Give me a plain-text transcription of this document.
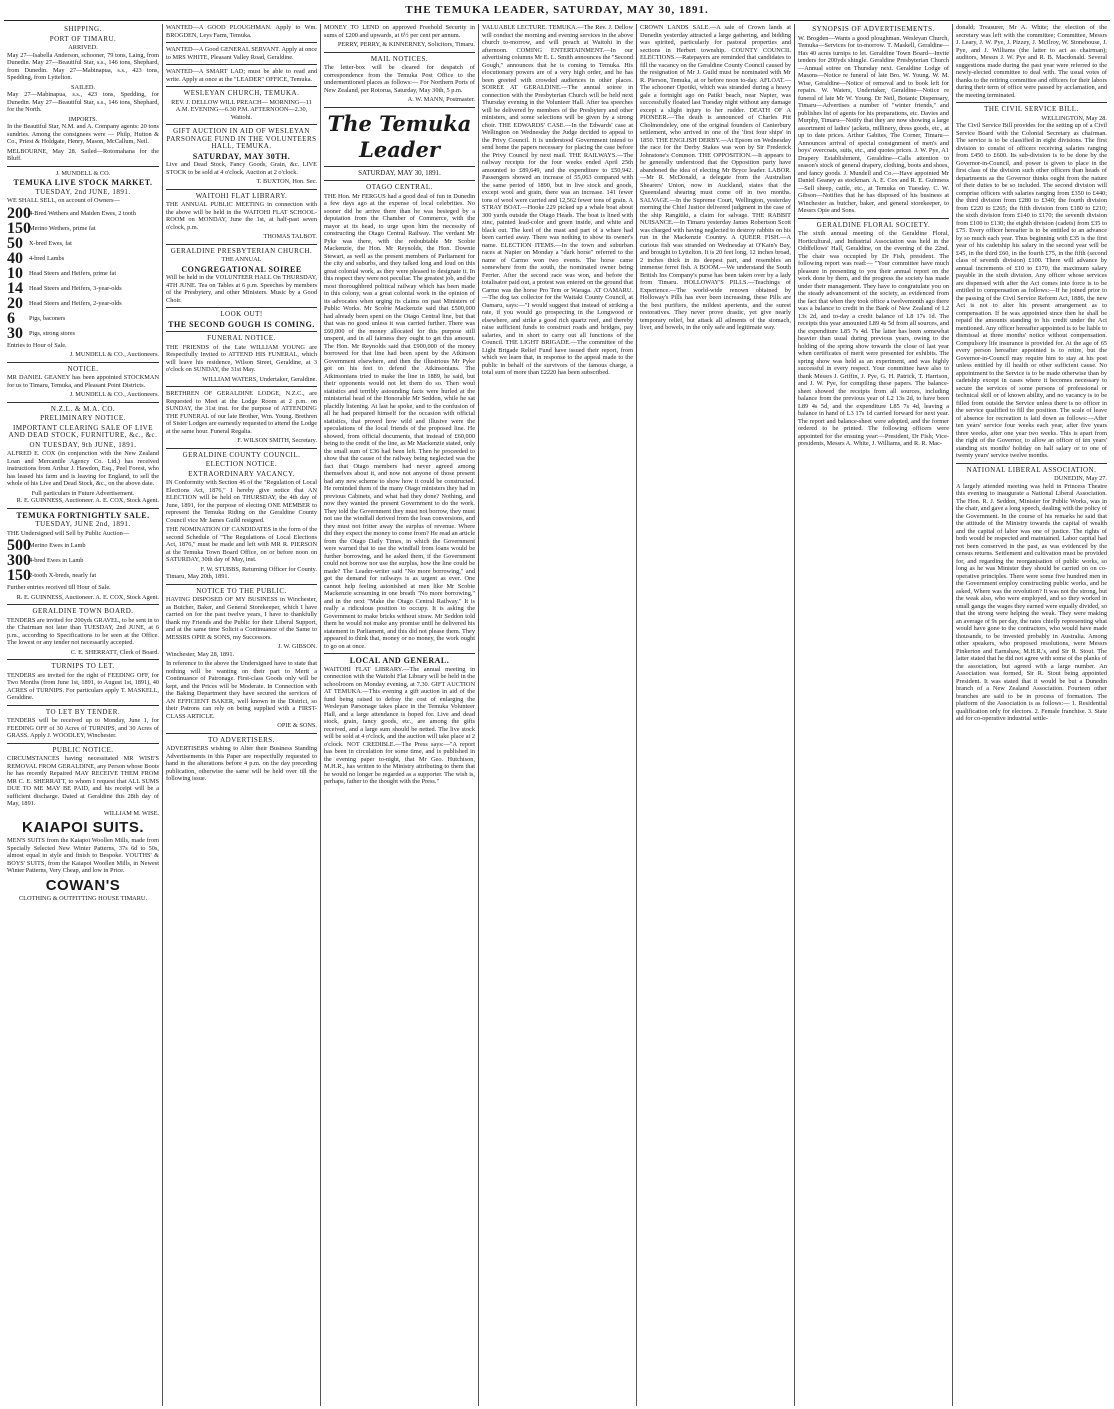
THE TEMUKA LEADER, SATURDAY, MAY 30, 1891.
SHIPPING.
PORT OF TIMARU.
ARRIVED.
May 27—Isabella Anderson, schooner, 79 tons, Laing, from Dunedin. May 27—Beautiful Star, s.s., 146 tons, Shephard, from Dunedin. May 27—Mabinapua, s.s., 423 tons, Spedding, from Lyttelton.
SAILED.
May 27—Mabinapua, s.s., 423 tons, Spedding, for Dunedin. May 27—Beautiful Star, s.s., 146 tons, Shephard, for the North.
IMPORTS.
In the Beautiful Star, N.M. and A. Company agents: 20 tons sundries. Among the consignees were — Philp, Hutton & Co., Priest & Holdgate, Henry, Mason, McCallum, Neil.
MELBOURNE, May 28. Sailed—Rotomahana for the Bluff.
J. MUNDELL & CO.
TEMUKA LIVE STOCK MARKET.
TUESDAY, 2nd JUNE, 1891.
WE SHALL SELL, on account of Owners—
200
4-Bred Wethers and Maiden Ewes, 2 tooth
150
Merino Wethers, prime fat
50 X-bred Ewes, fat
40 4-bred Lambs
10 Head Steers and Heifers, prime fat
14 Head Steers and Heifers, 3-year-olds
20 Head Steers and Heifers, 2-year-olds
6	Pigs, baconers
30 Pigs, strong stores
Entries to Hour of Sale.
J. MUNDELL & CO., Auctioneers.
NOTICE.
MR DANIEL GEANEY has been appointed STOCKMAN for us to Timaru, Temuka, and Pleasant Point Districts.
J. MUNDELL & CO., Auctioneers.
N.Z.L. & M.A. CO.
PRELIMINARY NOTICE.
IMPORTANT CLEARING SALE OF LIVE AND DEAD STOCK, FURNITURE, &c., &c.
ON TUESDAY, 9th JUNE, 1891.
ALFRED E. COX (in conjunction with the New Zealand Loan and Mercantile Agency Co. Ltd.) has received instructions from Arthur J. Hawdon, Esq., Peel Forest, who has leased his farm and is leaving for England, to sell the whole of his Live and Dead Stock, &c., on the above date.
Full particulars in Future Advertisement.
R. E. GUINNESS, Auctioneer. A. E. COX, Stock Agent.
TEMUKA FORTNIGHTLY SALE.
TUESDAY, JUNE 2nd, 1891.
THE Undersigned will Sell by Public Auction—
500
Merino Ewes in Lamb
300
4-bred Ewes in Lamb
150
2-tooth X-breds, nearly fat
Further entries received till Hour of Sale.
R. E. GUINNESS, Auctioneer. A. E. COX, Stock Agent.
GERALDINE TOWN BOARD.
TENDERS are invited for 200yds GRAVEL, to be sent in to the Chairman not later than TUESDAY, 2nd JUNE, at 6 p.m., according to Specifications to be seen at the Office. The lowest or any tender not necessarily accepted.
C. E. SHERRATT, Clerk of Board.
TURNIPS TO LET.
TENDERS are invited for the right of FEEDING OFF, for Two Months (from June 1st, 1891, to August 1st, 1891), 40 ACRES of TURNIPS. For particulars apply T. MASKELL, Geraldine.
TO LET BY TENDER.
TENDERS will be received up to Monday, June 1, for FEEDING OFF of 30 Acres of TURNIPS, and 30 Acres of GRASS. Apply J. WOODLEY, Winchester.
PUBLIC NOTICE.
CIRCUMSTANCES having necessitated MR WISE'S REMOVAL FROM GERALDINE, any Person whose Boots he has recently Repaired MAY RECEIVE THEM FROM MR C. E. SHERRATT, to whom I request that ALL SUMS DUE TO ME MAY BE PAID, and his receipt will be a sufficient discharge. Dated at Geraldine this 28th day of May, 1891.
WILLIAM M. WISE.
KAIAPOI SUITS.
MEN'S SUITS from the Kaiapoi Woollen Mills, made from Specially Selected New Winter Patterns, 37s 6d to 50s, almost equal in style and finish to Bespoke. YOUTHS' & BOYS' SUITS, from the Kaiapoi Woollen Mills, in Newest Winter Patterns, Very Cheap, and low in Price.
COWAN'S
CLOTHING & OUTFITTING HOUSE TIMARU.
WANTED—A GOOD PLOUGHMAN. Apply to Wm. BROGDEN, Leys Farm, Temuka.
WANTED—A Good GENERAL SERVANT. Apply at once to MRS WHITE, Pleasant Valley Road, Geraldine.
WANTED—A SMART LAD; must be able to read and write. Apply at once at the "LEADER" OFFICE, Temuka.
WESLEYAN CHURCH, TEMUKA.
REV. J. DELLOW WILL PREACH— MORNING—11 A.M. EVENING—6.30 P.M. AFTERNOON—2.30, Waitohi.
GIFT AUCTION IN AID OF WESLEYAN PARSONAGE FUND IN THE VOLUNTEERS HALL, TEMUKA.
SATURDAY, MAY 30TH.
Live and Dead Stock, Fancy Goods, Grain, &c. LIVE STOCK to be sold at 4 o'clock. Auction at 2 o'clock.
T. BUXTON, Hon. Sec.
WAITOHI FLAT LIBRARY.
THE ANNUAL PUBLIC MEETING in connection with the above will be held in the WAITOHI FLAT SCHOOL-ROOM on MONDAY, June the 1st, at half-past seven o'clock, p.m.
THOMAS TALBOT.
GERALDINE PRESBYTERIAN CHURCH.
THE ANNUAL
CONGREGATIONAL SOIREE
Will be held in the VOLUNTEER HALL On THURSDAY, 4TH JUNE. Tea on Tables at 6 p.m. Speeches by members of the Presbytery, and other Ministers. Music by a Good Choir.
LOOK OUT!
THE SECOND GOUGH IS COMING.
FUNERAL NOTICE.
THE FRIENDS of the Late WILLIAM YOUNG are Respectfully Invited to ATTEND HIS FUNERAL, which will leave his residence, Wilson Street, Geraldine, at 3 o'clock on SUNDAY, the 31st May.
WILLIAM WATERS, Undertaker, Geraldine.
BRETHREN OF GERALDINE LODGE, N.Z.C., are Requested to Meet at the Lodge Room at 2 p.m. on SUNDAY, the 31st inst. for the purpose of ATTENDING THE FUNERAL of our late Brother, Wm. Young. Brethren of Sister Lodges are earnestly requested to attend the Lodge at the same hour. Funeral Regalia.
F. WILSON SMITH, Secretary.
GERALDINE COUNTY COUNCIL.
ELECTION NOTICE.
EXTRAORDINARY VACANCY.
IN Conformity with Section 46 of the "Regulation of Local Elections Act, 1876," I hereby give notice that AN ELECTION will be held on THURSDAY, the 4th day of June, 1891, for the purpose of electing ONE MEMBER to represent the Temuka Riding on the Geraldine County Council vice Mr James Guild resigned.
THE NOMINATION OF CANDIDATES in the form of the second Schedule of "The Regulations of Local Elections Act, 1876," must be made and left with MR R. PIERSON at the Temuka Town Board Office, on or before noon on SATURDAY, 30th day of May, inst.
F. W. STUBBS, Returning Officer for County.
Timaru, May 20th, 1891.
NOTICE TO THE PUBLIC.
HAVING DISPOSED OF MY BUSINESS in Winchester, as Butcher, Baker, and General Storekeeper, which I have carried on for the past twelve years, I have to thankfully thank my Friends and the Public for their Liberal Support, and at the same time Solicit a Continuance of the Same to MESSRS OPIE & SONS, my Successors.
J. W. GIBSON.
Winchester, May 28, 1891.
In reference to the above the Undersigned have to state that nothing will be wanting on their part to Merit a Continuance of Patronage. First-class Goods only will be kept, and the Prices will be Moderate. In Connection with the Baking Department they have secured the services of AN EFFICIENT BAKER, well known in the District, so their Patrons can rely on being supplied with a FIRST-CLASS ARTICLE.
OPIE & SONS.
TO ADVERTISERS.
ADVERTISERS wishing to Alter their Business Standing Advertisements in this Paper are respectfully requested to hand in the alterations before 4 p.m. on the day preceding publication, otherwise the same will be held over till the following issue.
MONEY TO LEND on approved Freehold Security in sums of £200 and upwards, at 6½ per cent per annum.
PERRY, PERRY, & KINNERNEY, Solicitors, Timaru.
MAIL NOTICES.
The letter-box will be cleared for despatch of correspondence from the Temuka Post Office to the undermentioned places as follows:— For Northern Ports of New Zealand, per Rotorua, Saturday, May 30th, 5 p.m.
A. W. MANN, Postmaster.
The Temuka Leader
SATURDAY, MAY 30, 1891.
OTAGO CENTRAL.
THE Hon. Mr FERGUS had a good deal of fun in Dunedin a few days ago at the expense of local celebrities. No sooner did he arrive there than he was besieged by a deputation from the Chamber of Commerce, with the mayor at its head, to urge upon him the necessity of constructing the Otago Central Railway. The verdant Mr Pyke was there, with the redoubtable Mr Scobie Mackenzie, the Hon. Mr Reynolds, the Hon. Downie Stewart, as well as the present members of Parliament for the city and suburbs, and they talked long and loud on this great colonial work, as they were pleased to designate it. In this respect they were not peculiar. The greatest job, and the most thoroughbred political railway which has been made in this colony, was a great colonial work in the opinion of its advocates when urging its claims on past Ministers of Public Works. Mr Scobie Mackenzie said that £500,000 had already been spent on the Otago Central line, but that that was no good unless it was carried further. There was £60,000 of the money allocated for this purpose still unspent, and in all fairness they ought to get this amount. The Hon. Mr Reynolds said that £900,000 of the money borrowed for that line had been spent by the Atkinson Government elsewhere, and then the illustrious Mr Pyke got on his feet to defend the Atkinsonians. The Atkinsonians tried to make the line in 1889, he said, but their opponents would not let them do so. Then woul statistics and terribly astounding facts were hurled at the ministerial head of the Honorable Mr Seddon, while he sat placidly listening. At last he spoke, and to the confusion of all he had prepared himself for the occasion with official statistics, that proved how wild and illusive were the speculations of the local friends of the proposed line. He showed, from official documents, that instead of £60,000 being to the credit of the line, as Mr Mackenzie stated, only the small sum of £36 had been left. Then he proceeded to show that the cause of the railway being neglected was the fact that Otago members had never agreed among themselves about it, and now not anyone of those present had any new scheme to show how it could be constructed. He reminded them of the many Otago ministers they had in previous Cabinets, and what had they done? Nothing, and now they wanted the present Government to do the work. They told the Government they must not borrow, they must not use the windfall derived from the loan conversions, and they must not fritter away the surplus of revenue. Where did they expect the money to come from? He read an article from the Otago Daily Times, in which the Government were warned that to use the windfall from loans would be further borrowing, and he asked them, if the Government could not borrow nor use the surplus, how the line could be made? The Leader-writer said "No more borrowing," and got the demand for railways is as urgent as ever. One cannot help feeling astonished at men like Mr Scobie Mackenzie screaming in one breath "No more borrowing," and in the next "Make the Otago Central Railway." It is really a ridiculous position to occupy. It is asking the Government to make bricks without straw. Mr Seddon told them he would not make any promise until he delivered his statement in Parliament, and this did not please them. They appeared to think that, money or no money, the work ought to go on at once.
LOCAL AND GENERAL.
WAITOHI FLAT LIBRARY.—The annual meeting in connection with the Waitohi Flat Library will be held in the schoolroom on Monday evening, at 7.30. GIFT AUCTION AT TEMUKA.—This evening a gift auction in aid of the fund being raised to defray the cost of enlarging the Wesleyan Parsonage takes place in the Temuka Volunteer Hall, and a large attendance is hoped for. Live and dead stock, grain, fancy goods, etc., are among the gifts received, and a large sum should be netted. The live stock will be sold at 4 o'clock, and the auction will take place at 2 o'clock. NOT CREDIBLE.—The Press says:—"A report has been in circulation for some time, and is published in the evening paper to-night, that Mr Geo. Hutchison, M.H.R., has written to the Ministry attributing to them that he would no longer be regarded as a supporter. The wish is, perhaps, father to the thought with the Press."
VALUABLE LECTURE. TEMUKA.—The Rev. J. Dellow will conduct the morning and evening services in the above church to-morrow, and will preach at Waitohi in the afternoon. COMING ENTERTAINMENT.—In our advertising columns Mr E. L. Smith announces the "Second Gough," announces that he is coming to Temuka. His elocutionary powers are of a very high order, and he has been greeted with crowded audiences in other places. SOIREE AT GERALDINE.—The annual soiree in connection with the Presbyterian Church will be held next Thursday evening in the Volunteer Hall. After tea speeches will be delivered by members of the Presbytery and other ministers, and some selections will be given by a strong choir. THE EDWARDS' CASE.—In the Edwards' case at Wellington on Wednesday the Judge decided to appeal to the Privy Council. It is understood Government intend to send home the papers necessary for placing the case before the Privy Council by next mail. THE RAILWAYS.—The railway receipts for the four weeks ended April 25th amounted to £89,649, and the expenditure to £50,942. Passengers showed an increase of 55,063 compared with the same period of 1890, but in live stock and goods, except wool and grain, there was an increase. 141 fewer tons of wool were carried and 12,562 fewer tons of grain. A STRAY BOAT.—Hooke 229 picked up a whale boat about 300 yards outside the Otago Heads. The boat is lined with zinc, painted lead-color and green inside, and white and black out. The keel of the mast and part of a whare had been carried away. There was nothing to show its owner's name. ELECTION ITEMS.—In the town and suburban races at Napier on Monday a "dark horse" referred to the name of Carmo won two events. The horse came somewhere from the south, the nominated owner being Ferrier. After the second race was won, and before the totalisator paid out, a protest was entered on the ground that Carmo was the horse Pro Tem or Waraga. AT OAMARU.—The dog tax collector for the Waitaki County Council, at Oamaru, says:—"I would suggest that instead of striking a rate, if you would go prospecting in the Longwood or elsewhere, and strike a good rich quartz reef, and thereby raise sufficient funds to construct roads and bridges, pay salaries, and in short to carry out all functions of the Council. THE LIGHT BRIGADE.—The committee of the Light Brigade Relief Fund have issued their report, from which we learn that, in response to the appeal made to the public in behalf of the survivors of the famous charge, a total sum of more than £2220 has been subscribed.
CROWN LANDS SALE.—A sale of Crown lands at Dunedin yesterday attracted a large gathering, and bidding was spirited, particularly for pastoral properties and sections in Herbert township. COUNTY COUNCIL ELECTIONS.—Ratepayers are reminded that candidates to fill the vacancy on the Geraldine County Council caused by the resignation of Mr J. Guild must be nominated with Mr R. Pierson, Temuka, at or before noon to-day. AFLOAT.—The schooner Opotiki, which was stranded during a heavy gale a fortnight ago on Patiki beach, near Napier, was successfully floated last Tuesday night without any damage except a slight injury to her rudder. DEATH OF A PIONEER.—The death is announced of Charles Pitt Cholmondeley, one of the original founders of Canterbury settlement, who arrived in one of the 'first four ships' in 1850. THE ENGLISH DERBY.—At Epsom on Wednesday the race for the Derby Stakes was won by Sir Frederick Johnstone's Common. THE OPPOSITION.—It appears to be generally understood that the Opposition party have abandoned the idea of electing Mr Bryce leader. LABOR.—Mr R. McDonald, a delegate from the Australian Shearers' Union, now in Auckland, states that the Queensland shearing must come off in two months. SALVAGE.—In the Supreme Court, Wellington, yesterday morning the Chief Justice delivered judgment in the case of the ship Rangitiki, a claim for salvage. THE RABBIT NUISANCE.—In Timaru yesterday James Robertson Scott was charged with having neglected to destroy rabbits on his run in the Mackenzie Country. A QUEER FISH.—A curious fish was stranded on Wednesday at O'Kain's Bay, and brought to Lyttelton. It is 20 feet long, 12 inches broad, 2 inches thick in its deepest part, and resembles an immense ferret fish. A BOOM.—We understand the South British Ins Company's purse has been taken over by a lady from Timaru. HOLLOWAY'S PILLS.—Teachings of Experience.—The world-wide renown obtained by Holloway's Pills has ever been increasing, these Pills are the best purifiers, the mildest aperients, and the surest restoratives. They never prove drastic, yet give nearly temporary relief, but attack all ailments of the stomach, liver, and bowels, in the only safe and legitimate way.
SYNOPSIS OF ADVERTISEMENTS.
W. Brogden—Wants a good ploughman. Wesleyan Church, Temuka—Services for to-morrow. T. Maskell, Geraldine—Has 40 acres turnips to let. Geraldine Town Board—Invite tenders for 200yds shingle. Geraldine Presbyterian Church—Annual soiree on Thursday next. Geraldine Lodge of Masons—Notice re funeral of late Bro. W. Young. W. M. Wise, Geraldine—Notice of removal and to book left for repairs. W. Waters, Undertaker, Geraldine—Notice re funeral of late Mr W. Young. Dr Neil, Botanic Dispensary, Timaru—Advertises a number of "winter friends," and publishes list of agents for his preparations, etc. Davies and Murphy, Timaru—Notify that they are now showing a large assortment of ladies' jackets, millinery, dress goods, etc., at up to date prices. Arthur Gabites, The Corner, Timaru—Announces arrival of special consignment of men's and boys' overcoats, suits, etc., and quotes prices. J. W. Pye, A1 Drapery Establishment, Geraldine—Calls attention to season's stock of general drapery, clothing, boots and shoes, and fancy goods. J. Mundell and Co.—Have appointed Mr Daniel Geaney as stockman. A. E. Cox and R. E. Guinness—Sell sheep, cattle, etc., at Temuka on Tuesday. C. W. Gibson—Notifies that he has disposed of his business at Winchester as butcher, baker, and general storekeeper, to Messrs Opie and Sons.
GERALDINE FLORAL SOCIETY.
The sixth annual meeting of the Geraldine Floral, Horticultural, and Industrial Association was held in the Oddfellows' Hall, Geraldine, on the evening of the 22nd. The chair was occupied by Dr Fish, president. The following report was read:— "Your committee have much pleasure in presenting to you their annual report on the work done by them, and the progress the society has made under their management. They have to congratulate you on the steady advancement of the society, as evidenced from the fact that when they took office a twelvemonth ago there was a balance to credit in the Bank of New Zealand of L2 13s 2d, and to-day a credit balance of L8 17s 1d. The receipts this year amounted L89 4s 5d from all sources, and the expenditure L85 7s 4d. The latter has been somewhat heavier than usual during previous years, owing to the holding of the spring show towards the close of last year when certificates of merit were presented for exhibits. The spring show was held as an experiment, and was highly successful in every respect. Your committee have also to thank Messrs J. Griffin, J. Pye, G. H. Patrick, T. Harrison, and J. W. Pye, for compiling these papers. The balance-sheet showed the receipts from all sources, including balance from the previous year of L2 13s 2d, to have been L89 4s 5d, and the expenditure L85 7s 4d, leaving a balance in hand of L3 17s 1d carried forward for next year. The report and balance-sheet were adopted, and the former ordered to be printed. The following officers were appointed for the ensuing year:—President, Dr Fish; Vice-presidents, Messrs A. White, J. Williams, and R. R. Mac-
donald; Treasurer, Mr A. White; the election of the secretary was left with the committee; Committee, Messrs J. Leary, J. W. Pye, J. Pizzey, J. McIlroy, W. Stonehouse, J. Pye, and J. Williams (the latter to act as chairman); auditors, Messrs J. W. Pye and R. B. Macdonald. Several suggestions made during the past year were referred to the newly-elected committee to deal with. The usual votes of thanks to the retiring committee and officers for their labors during their term of office were passed by acclamation, and the meeting terminated.
THE CIVIL SERVICE BILL.
WELLINGTON, May 28.
The Civil Service Bill provides for the setting up of a Civil Service Board with the Colonial Secretary as chairman. The service is to be classified in eight divisions. The first division to consist of officers receiving salaries ranging from £450 to £600. Its sub-division is to be done by the Governor-in-Council, and power is given to place in the first class of the division such other officers than heads of departments as the Governor thinks ought from the nature of their duties to be so included. The second division will comprise officers with salaries ranging from £350 to £440; the third division from £280 to £340; the fourth division from £220 to £265; the fifth division from £180 to £210; the sixth division from £140 to £170; the seventh division from £100 to £130; the eighth division (cadets) from £35 to £75. Every officer hereafter is to be entitled to an advance by so much each year. Thus beginning with £35 is the first year of his cadetship his salary in the second year will be £45, in the third £60, in the fourth £75, in the fifth (second class of seventh division) £100. There will advance by annual increments of £10 to £170, the maximum salary payable in the sixth division. Any officer whose services are dispensed with after the Act comes into force is to be entitled to compensation as follows:—If he joined prior to the passing of the Civil Service Reform Act, 1886, the new Act is not to alter his present arrangement as to compensation. If he was appointed since then he shall be repaid the amounts standing to his credit under the Act mentioned. Any officer hereafter appointed is to be liable to dismissal at three months' notice without compensation. Compulsory life insurance is provided for. At the age of 65 every person hereafter appointed is to retire, but the Governor-in-Council may require him to stay at his post unless entitled by ill health or other sufficient cause. No appointment to the Service is to be made otherwise than by cadetship except in cases where it becomes necessary to secure the services of some persons of professional or technical skill or of known ability, and no vacancy is to be filled from outside the Service unless there is no officer in the service qualified to fill the position. The scale of leave of absence for recreation is laid down as follows:—After ten years' service four weeks each year, after five years three weeks, after one year two weeks. This is apart from the right of the Governor, to allow an officer of ten years' standing six months' holiday on half salary or to one of twenty years' service twelve months.
NATIONAL LIBERAL ASSOCIATION.
DUNEDIN, May 27.
A largely attended meeting was held in Princess Theatre this evening to inaugurate a National Liberal Association. The Hon. R. J. Seddon, Minister for Public Works, was in the chair, and gave a long speech, dealing with the policy of the Government. In the course of his remarks he said that the attitude of the Ministry towards the capital of wealth and the capital of labor was one of justice. The rights of both would be respected and maintained. Labor capital had not been conserved in the past, as was evidenced by the census returns. Settlement and cultivation must be provided for, and regarding the reorganisation of public works, so long as he was Minister they should be carried on on co-operative principles. There were some five hundred men in the Government employ constructing public works, and he asked, Where was the revolution? It was not the strong, but the weak also, who were employed, and so they worked in small gangs the wages they earned were equally divided, so that the strong were helping the weak. They were making an average of 9s per day, the rates chiefly representing what would have gone to the contractors, who would have made thousands, to be invested probably in Australia. Among other speakers, who proposed resolutions, were Messrs Pinkerton and Earnshaw, M.H.R.'s, and Sir R. Stout. The latter stated that he did not agree with some of the planks of the association, but agreed with a large number. An Association was formed, Sir R. Stout being appointed President. It was stated that it would be but a Dunedin branch of a New Zealand Association. Fourteen other branches are said to be in process of formation. The platform of the Association is as follows:— 1. Residential qualification only for electors. 2. Female franchise. 3. State aid for co-operative industrial settle-
